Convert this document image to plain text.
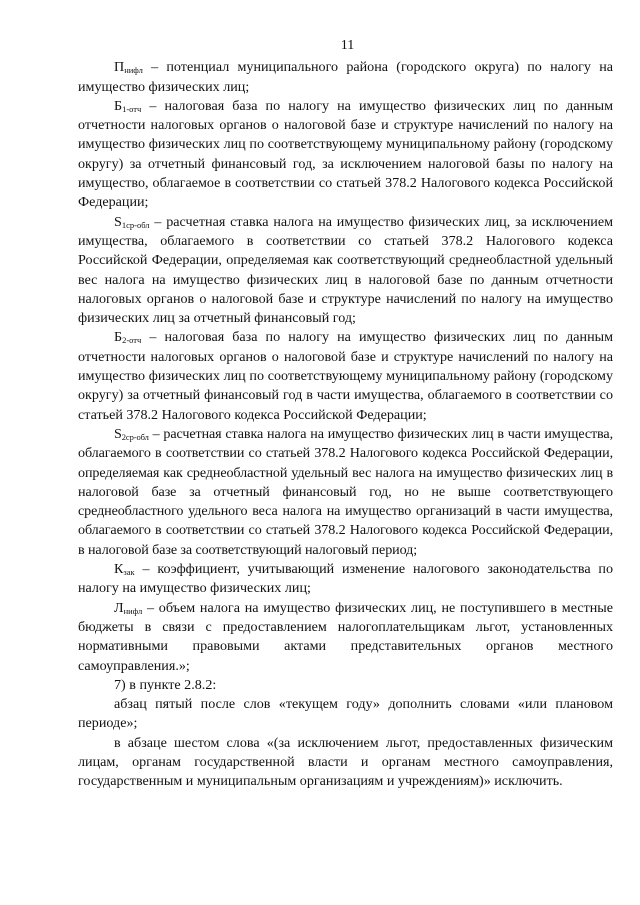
11

$П_{нифл}$ – потенциал муниципального района (городского округа) по налогу на имущество физических лиц;

$Б_{1-отч}$ – налоговая база по налогу на имущество физических лиц по данным отчетности налоговых органов о налоговой базе и структуре начислений по налогу на имущество физических лиц по соответствующему муниципальному району (городскому округу) за отчетный финансовый год, за исключением налоговой базы по налогу на имущество, облагаемое в соответствии со статьей 378.2 Налогового кодекса Российской Федерации;

$S_{1ср-обл}$ – расчетная ставка налога на имущество физических лиц, за исключением имущества, облагаемого в соответствии со статьей 378.2 Налогового кодекса Российской Федерации, определяемая как соответствующий среднеобластной удельный вес налога на имущество физических лиц в налоговой базе по данным отчетности налоговых органов о налоговой базе и структуре начислений по налогу на имущество физических лиц за отчетный финансовый год;

$Б_{2-отч}$ – налоговая база по налогу на имущество физических лиц по данным отчетности налоговых органов о налоговой базе и структуре начислений по налогу на имущество физических лиц по соответствующему муниципальному району (городскому округу) за отчетный финансовый год в части имущества, облагаемого в соответствии со статьей 378.2 Налогового кодекса Российской Федерации;

$S_{2ср-обл}$ – расчетная ставка налога на имущество физических лиц в части имущества, облагаемого в соответствии со статьей 378.2 Налогового кодекса Российской Федерации, определяемая как среднеобластной удельный вес налога на имущество физических лиц в налоговой базе за отчетный финансовый год, но не выше соответствующего среднеобластного удельного веса налога на имущество организаций в части имущества, облагаемого в соответствии со статьей 378.2 Налогового кодекса Российской Федерации, в налоговой базе за соответствующий налоговый период;

$К_{зак}$ – коэффициент, учитывающий изменение налогового законодательства по налогу на имущество физических лиц;

$Л_{нифл}$ – объем налога на имущество физических лиц, не поступившего в местные бюджеты в связи с предоставлением налогоплательщикам льгот, установленных нормативными правовыми актами представительных органов местного самоуправления.»;

7) в пункте 2.8.2:

абзац пятый после слов «текущем году» дополнить словами «или плановом периоде»;

в абзаце шестом слова «(за исключением льгот, предоставленных физическим лицам, органам государственной власти и органам местного самоуправления, государственным и муниципальным организациям и учреждениям)» исключить.
